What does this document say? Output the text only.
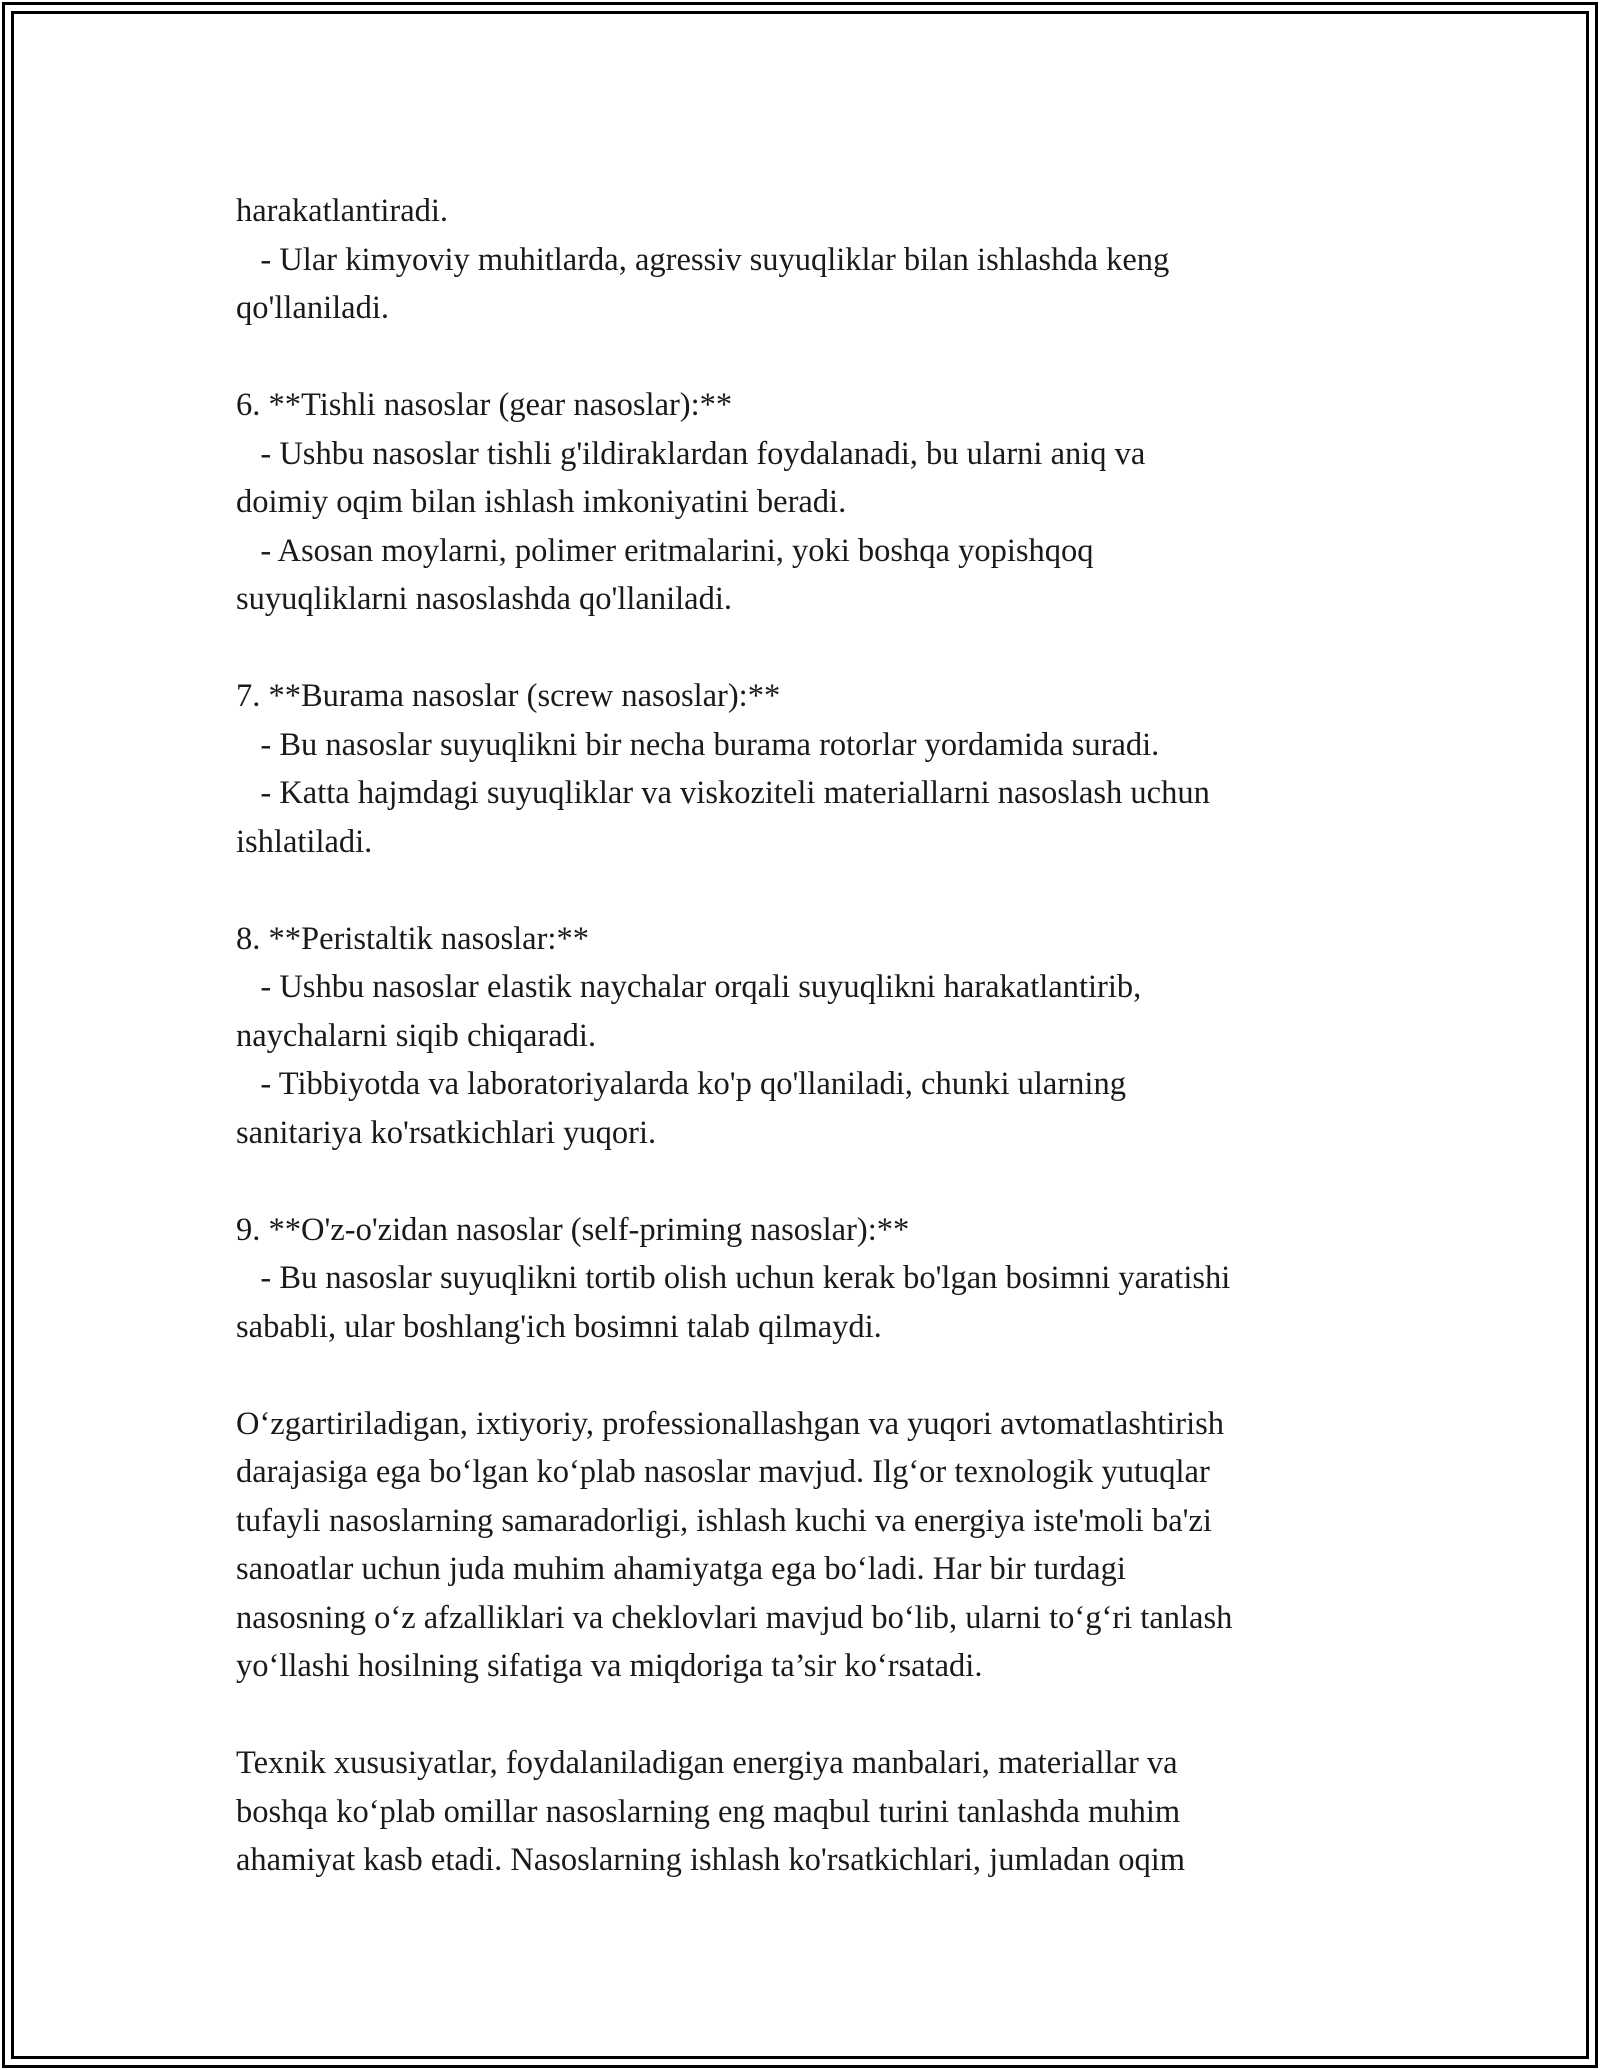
harakatlantiradi.
- Ular kimyoviy muhitlarda, agressiv suyuqliklar bilan ishlashda keng
qo'llaniladi.
6. **Tishli nasoslar (gear nasoslar):**
- Ushbu nasoslar tishli g'ildiraklardan foydalanadi, bu ularni aniq va
doimiy oqim bilan ishlash imkoniyatini beradi.
- Asosan moylarni, polimer eritmalarini, yoki boshqa yopishqoq
suyuqliklarni nasoslashda qo'llaniladi.
7. **Burama nasoslar (screw nasoslar):**
- Bu nasoslar suyuqlikni bir necha burama rotorlar yordamida suradi.
- Katta hajmdagi suyuqliklar va viskoziteli materiallarni nasoslash uchun
ishlatiladi.
8. **Peristaltik nasoslar:**
- Ushbu nasoslar elastik naychalar orqali suyuqlikni harakatlantirib,
naychalarni siqib chiqaradi.
- Tibbiyotda va laboratoriyalarda ko'p qo'llaniladi, chunki ularning
sanitariya ko'rsatkichlari yuqori.
9. **O'z-o'zidan nasoslar (self-priming nasoslar):**
- Bu nasoslar suyuqlikni tortib olish uchun kerak bo'lgan bosimni yaratishi
sababli, ular boshlang'ich bosimni talab qilmaydi.
O‘zgartiriladigan, ixtiyoriy, professionallashgan va yuqori avtomatlashtirish
darajasiga ega bo‘lgan ko‘plab nasoslar mavjud. Ilg‘or texnologik yutuqlar
tufayli nasoslarning samaradorligi, ishlash kuchi va energiya iste'moli ba'zi
sanoatlar uchun juda muhim ahamiyatga ega bo‘ladi. Har bir turdagi
nasosning o‘z afzalliklari va cheklovlari mavjud bo‘lib, ularni to‘g‘ri tanlash
yo‘llashi hosilning sifatiga va miqdoriga ta’sir ko‘rsatadi.
Texnik xususiyatlar, foydalaniladigan energiya manbalari, materiallar va
boshqa ko‘plab omillar nasoslarning eng maqbul turini tanlashda muhim
ahamiyat kasb etadi. Nasoslarning ishlash ko'rsatkichlari, jumladan oqim
